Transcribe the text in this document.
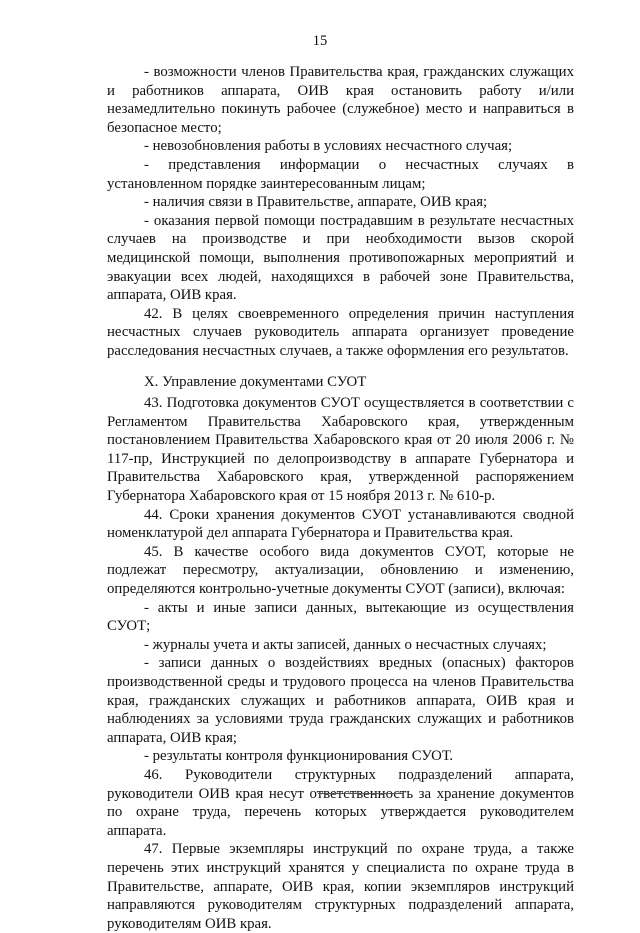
15

- возможности членов Правительства края, гражданских служащих и работников аппарата, ОИВ края остановить работу и/или незамедлительно покинуть рабочее (служебное) место и направиться в безопасное место;

- невозобновления работы в условиях несчастного случая;

- представления информации о несчастных случаях в установленном порядке заинтересованным лицам;

- наличия связи в Правительстве, аппарате, ОИВ края;

- оказания первой помощи пострадавшим в результате несчастных случаев на производстве и при необходимости вызов скорой медицинской помощи, выполнения противопожарных мероприятий и эвакуации всех людей, находящихся в рабочей зоне Правительства, аппарата, ОИВ края.

42. В целях своевременного определения причин наступления несчастных случаев руководитель аппарата организует проведение расследования несчастных случаев, а также оформления его результатов.

X. Управление документами СУОТ

43. Подготовка документов СУОТ осуществляется в соответствии с Регламентом Правительства Хабаровского края, утвержденным постановлением Правительства Хабаровского края от 20 июля 2006 г. № 117-пр, Инструкцией по делопроизводству в аппарате Губернатора и Правительства Хабаровского края, утвержденной распоряжением Губернатора Хабаровского края от 15 ноября 2013 г. № 610-р.

44. Сроки хранения документов СУОТ устанавливаются сводной номенклатурой дел аппарата Губернатора и Правительства края.

45. В качестве особого вида документов СУОТ, которые не подлежат пересмотру, актуализации, обновлению и изменению, определяются контрольно-учетные документы СУОТ (записи), включая:

- акты и иные записи данных, вытекающие из осуществления СУОТ;

- журналы учета и акты записей, данных о несчастных случаях;

- записи данных о воздействиях вредных (опасных) факторов производственной среды и трудового процесса на членов Правительства края, гражданских служащих и работников аппарата, ОИВ края и наблюдениях за условиями труда гражданских служащих и работников аппарата, ОИВ края;

- результаты контроля функционирования СУОТ.

46. Руководители структурных подразделений аппарата, руководители ОИВ края несут ответственность за хранение документов по охране труда, перечень которых утверждается руководителем аппарата.

47. Первые экземпляры инструкций по охране труда, а также перечень этих инструкций хранятся у специалиста по охране труда в Правительстве, аппарате, ОИВ края, копии экземпляров инструкций направляются руководителям структурных подразделений аппарата, руководителям ОИВ края.
